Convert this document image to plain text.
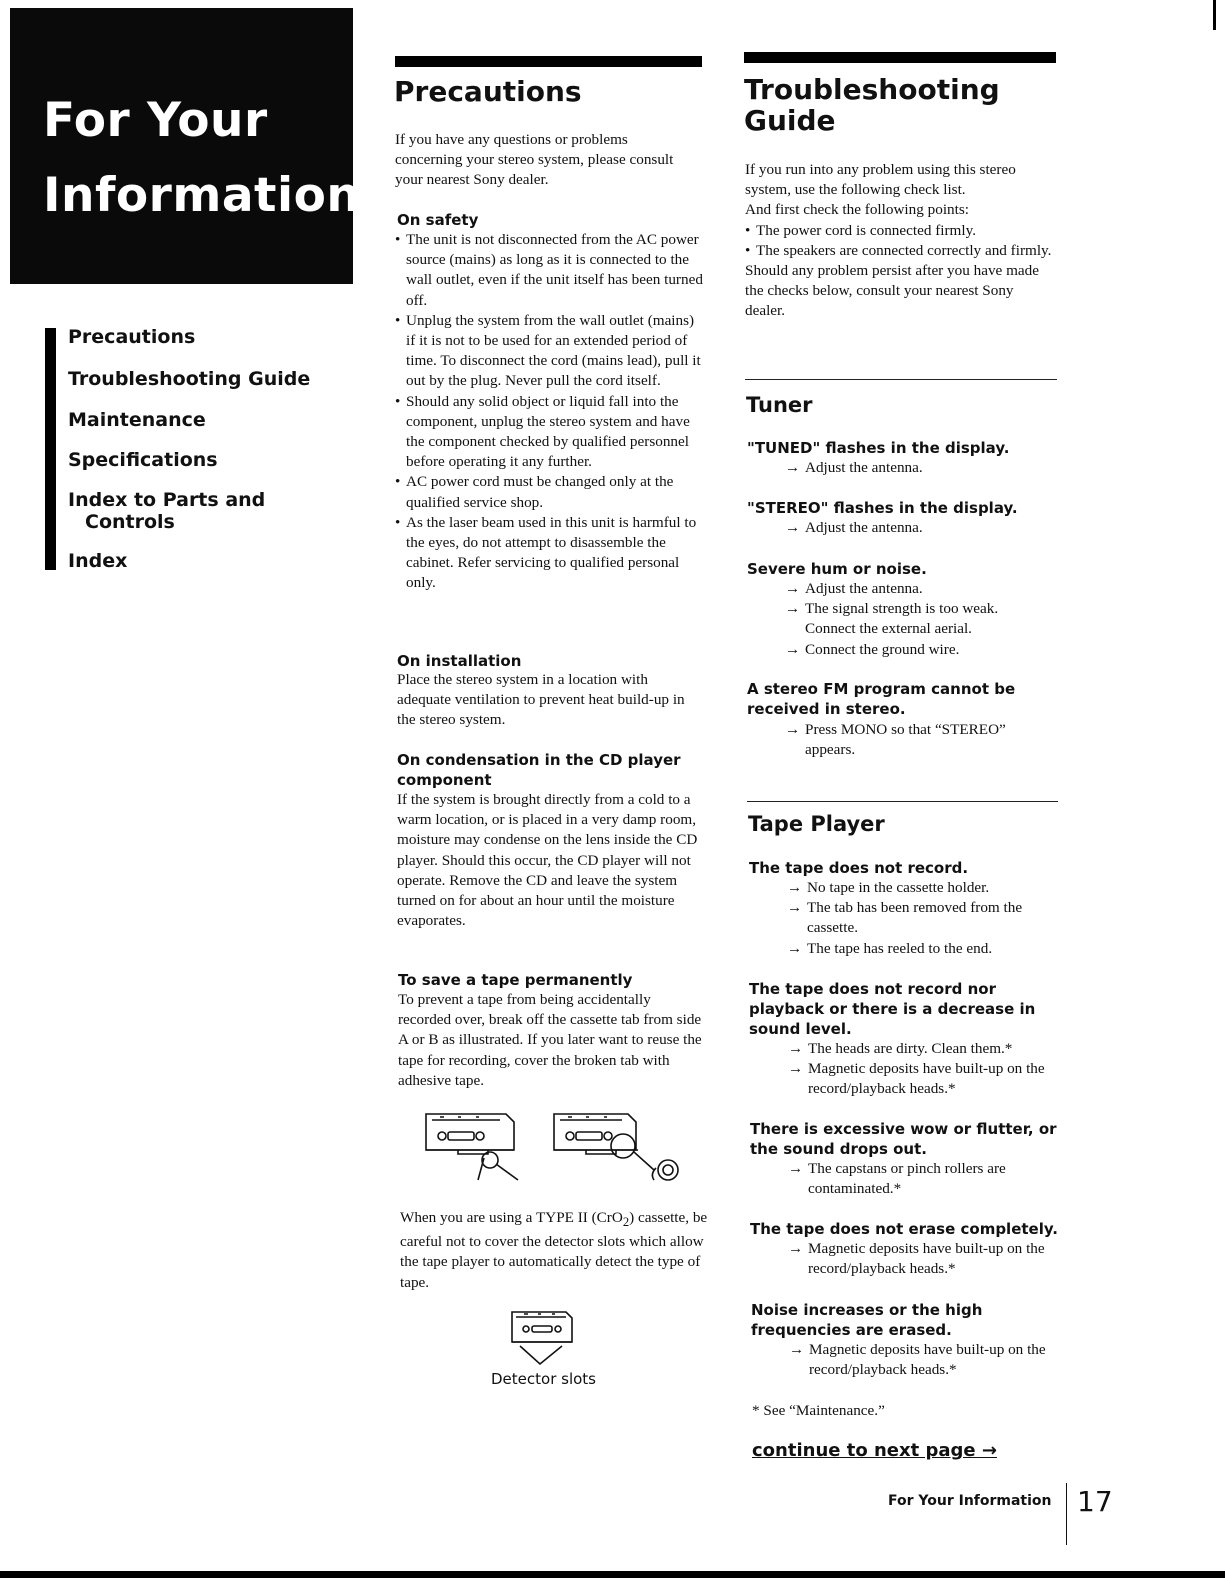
For Your
Information
Precautions
Troubleshooting Guide
Maintenance
Specifications
Index to Parts and
Controls
Index
Precautions
If you have any questions or problems concerning your stereo system, please consult your nearest Sony dealer.
On safety
• The unit is not disconnected from the AC power source (mains) as long as it is connected to the wall outlet, even if the unit itself has been turned off.
• Unplug the system from the wall outlet (mains) if it is not to be used for an extended period of time. To disconnect the cord (mains lead), pull it out by the plug. Never pull the cord itself.
• Should any solid object or liquid fall into the component, unplug the stereo system and have the component checked by qualified personnel before operating it any further.
• AC power cord must be changed only at the qualified service shop.
• As the laser beam used in this unit is harmful to the eyes, do not attempt to disassemble the cabinet. Refer servicing to qualified personal only.
On installation
Place the stereo system in a location with adequate ventilation to prevent heat build-up in the stereo system.
On condensation in the CD player component
If the system is brought directly from a cold to a warm location, or is placed in a very damp room, moisture may condense on the lens inside the CD player. Should this occur, the CD player will not operate. Remove the CD and leave the system turned on for about an hour until the moisture evaporates.
To save a tape permanently
To prevent a tape from being accidentally recorded over, break off the cassette tab from side A or B as illustrated. If you later want to reuse the tape for recording, cover the broken tab with adhesive tape.
When you are using a TYPE II (CrO$_2$) cassette, be careful not to cover the detector slots which allow the tape player to automatically detect the type of tape.
Detector slots
Troubleshooting
Guide
If you run into any problem using this stereo system, use the following check list.
And first check the following points:
• The power cord is connected firmly.
• The speakers are connected correctly and firmly.
Should any problem persist after you have made the checks below, consult your nearest Sony dealer.
Tuner
"TUNED" flashes in the display.
→ Adjust the antenna.
"STEREO" flashes in the display.
→ Adjust the antenna.
Severe hum or noise.
→ Adjust the antenna.
→ The signal strength is too weak. Connect the external aerial.
→ Connect the ground wire.
A stereo FM program cannot be received in stereo.
→ Press MONO so that “STEREO” appears.
Tape Player
The tape does not record.
→ No tape in the cassette holder.
→ The tab has been removed from the cassette.
→ The tape has reeled to the end.
The tape does not record nor playback or there is a decrease in sound level.
→ The heads are dirty. Clean them.*
→ Magnetic deposits have built-up on the record/playback heads.*
There is excessive wow or flutter, or the sound drops out.
→ The capstans or pinch rollers are contaminated.*
The tape does not erase completely.
→ Magnetic deposits have built-up on the record/playback heads.*
Noise increases or the high frequencies are erased.
→ Magnetic deposits have built-up on the record/playback heads.*
* See “Maintenance.”
continue to next page →
For Your Information 17
